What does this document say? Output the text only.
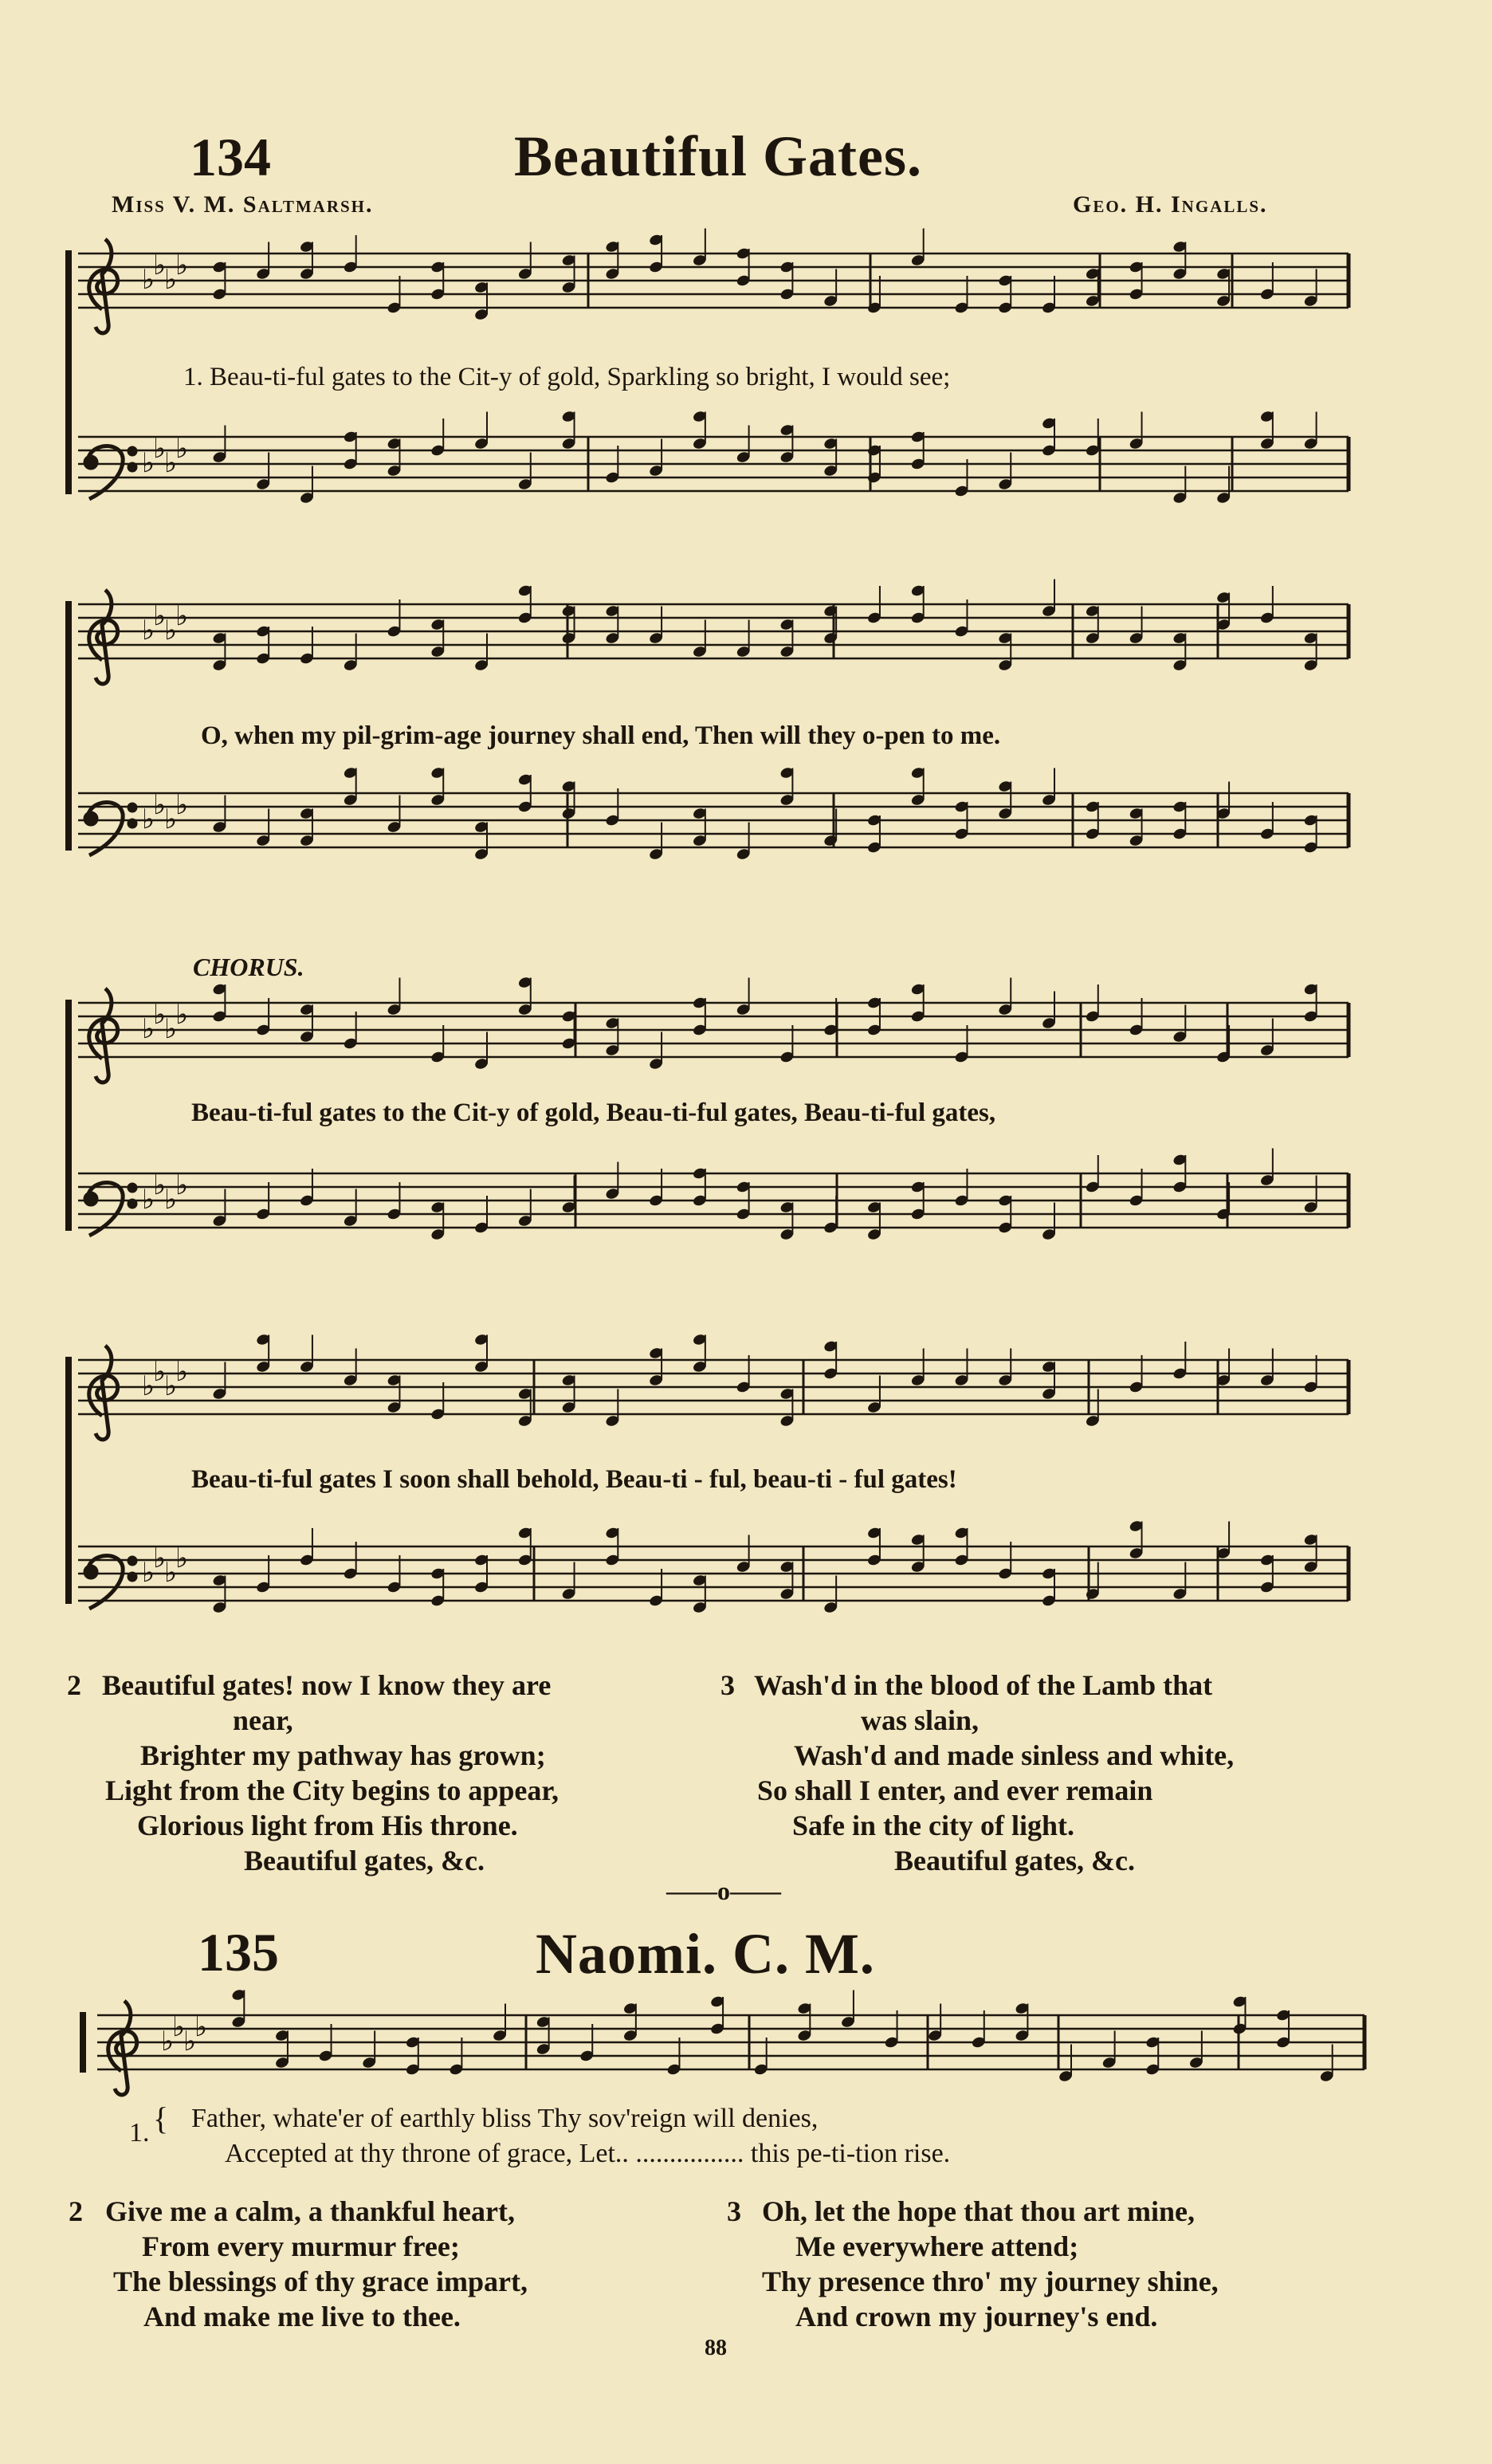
♭
♭
♭
♭
♭
♭
♭
♭
♭
♭
♭
♭
♭
♭
♭
♭
♭
♭
♭
♭
♭
♭
♭
♭
♭
♭
♭
♭
♭
♭
♭
♭
♭
♭
♭
♭
134	Beautiful Gates.
Miss V. M. Saltmarsh.	Geo. H. Ingalls.
1. Beau-ti-ful gates to the Cit-y of gold, Sparkling so bright, I would see;
O, when my pil-grim-age journey shall end, Then will they o-pen to me.
CHORUS.
Beau-ti-ful gates to the Cit-y of gold, Beau-ti-ful gates, Beau-ti-ful gates,
Beau-ti-ful gates I soon shall behold, Beau-ti - ful, beau-ti - ful gates!
2 Beautiful gates! now I know they are
near,
Brighter my pathway has grown;
Light from the City begins to appear,
Glorious light from His throne.
Beautiful gates, &c.
3 Wash'd in the blood of the Lamb that
was slain,
Wash'd and made sinless and white,
So shall I enter, and ever remain
Safe in the city of light.
Beautiful gates, &c.
——o——
135	Naomi. C. M.
1. { Father, whate'er of earthly bliss Thy sov'reign will denies,
Accepted at thy throne of grace, Let.. ................ this pe-ti-tion rise.
2 Give me a calm, a thankful heart,
From every murmur free;
The blessings of thy grace impart,
And make me live to thee.
3 Oh, let the hope that thou art mine,
Me everywhere attend;
Thy presence thro' my journey shine,
And crown my journey's end.
88
